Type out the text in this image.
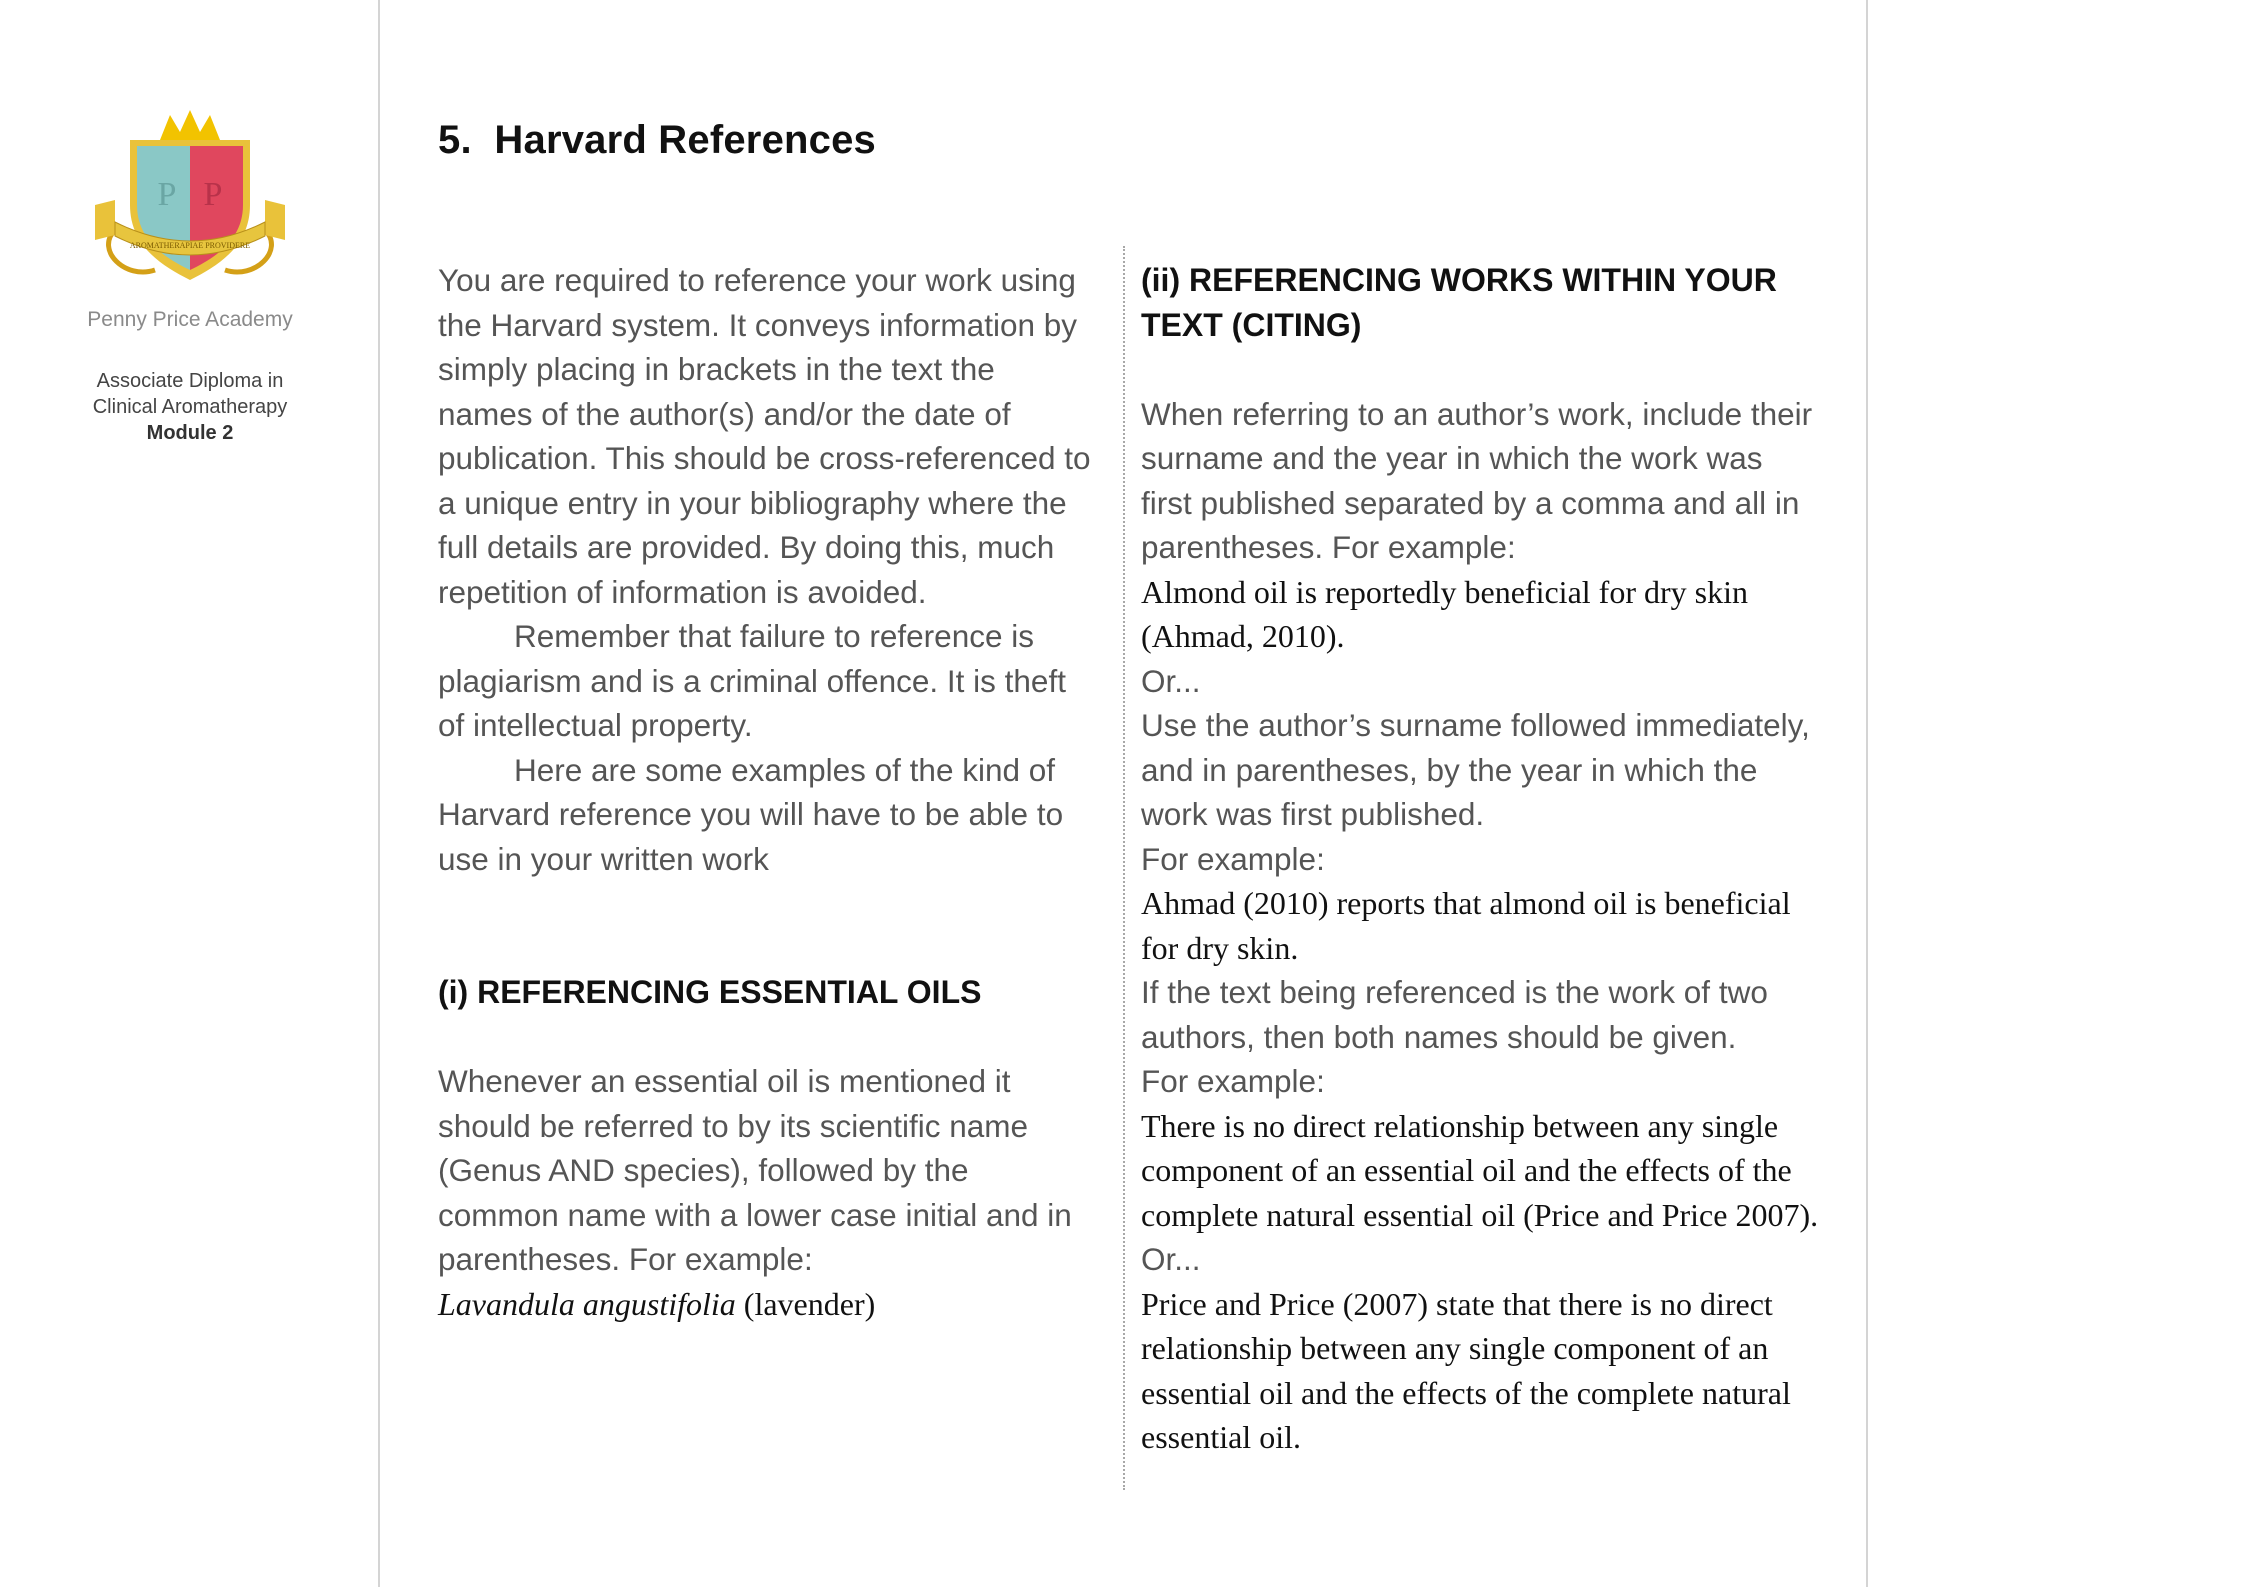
P P
AROMATHERAPIAE PROVIDERE
Penny Price Academy
Associate Diploma in
Clinical Aromatherapy
Module 2
5. Harvard References

You are required to reference your work using the Harvard system. It conveys information by simply placing in brackets in the text the names of the author(s) and/or the date of publication. This should be cross-referenced to a unique entry in your bibliography where the full details are provided. By doing this, much repetition of information is avoided.

Remember that failure to reference is plagiarism and is a criminal offence. It is theft of intellectual property.

Here are some examples of the kind of Harvard reference you will have to be able to use in your written work

(i) REFERENCING ESSENTIAL OILS

Whenever an essential oil is mentioned it should be referred to by its scientific name (Genus AND species), followed by the common name with a lower case initial and in parentheses. For example:

Lavandula angustifolia (lavender)

(ii) REFERENCING WORKS WITHIN YOUR TEXT (CITING)

When referring to an author’s work, include their surname and the year in which the work was first published separated by a comma and all in parentheses. For example:

Almond oil is reportedly beneficial for dry skin (Ahmad, 2010).

Or...

Use the author’s surname followed immediately, and in parentheses, by the year in which the work was first published.

For example:

Ahmad (2010) reports that almond oil is beneficial for dry skin.

If the text being referenced is the work of two authors, then both names should be given.

For example:

There is no direct relationship between any single component of an essential oil and the effects of the complete natural essential oil (Price and Price 2007).

Or...

Price and Price (2007) state that there is no direct relationship between any single component of an essential oil and the effects of the complete natural essential oil.
